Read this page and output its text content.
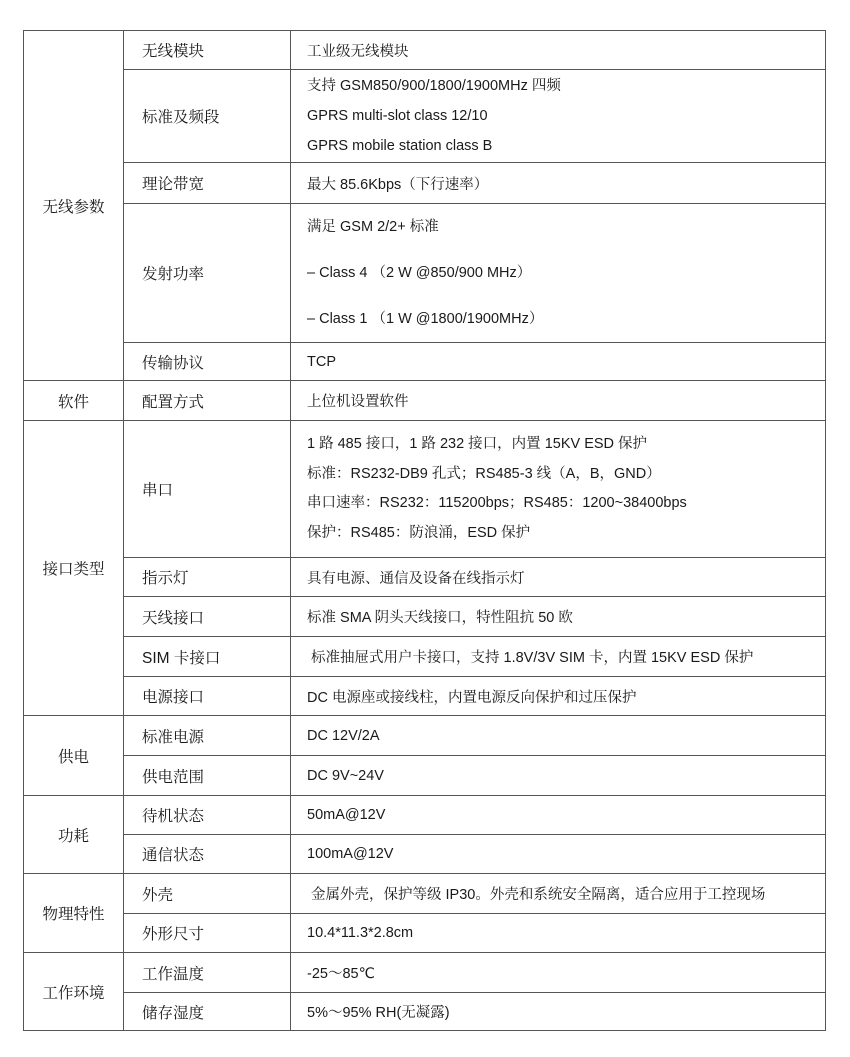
无线参数	无线模块	工业级无线模块

	标准及频段	支持 GSM850/900/1800/1900MHz 四频
GPRS multi-slot class 12/10
GPRS mobile station class B

	理论带宽	最大 85.6Kbps（下行速率）

	发射功率	满足 GSM 2/2+ 标准
– Class 4 （2 W @850/900 MHz）
– Class 1 （1 W @1800/1900MHz）

	传输协议	TCP

软件	配置方式	上位机设置软件

接口类型	串口	1 路 485 接口，1 路 232 接口，内置 15KV ESD 保护
标准：RS232-DB9 孔式；RS485-3 线（A，B，GND）
串口速率：RS232：115200bps；RS485：1200~38400bps
保护：RS485：防浪涌，ESD 保护

	指示灯	具有电源、通信及设备在线指示灯

	天线接口	标准 SMA 阴头天线接口，特性阻抗 50 欧

	SIM 卡接口	标准抽屉式用户卡接口，支持 1.8V/3V SIM 卡，内置 15KV ESD 保护

	电源接口	DC 电源座或接线柱，内置电源反向保护和过压保护

供电	标准电源	DC 12V/2A

	供电范围	DC 9V~24V

功耗	待机状态	50mA@12V

	通信状态	100mA@12V

物理特性	外壳	金属外壳，保护等级 IP30。外壳和系统安全隔离，适合应用于工控现场

	外形尺寸	10.4*11.3*2.8cm

工作环境	工作温度	-25～85℃

	储存湿度	5%～95% RH(无凝露)
